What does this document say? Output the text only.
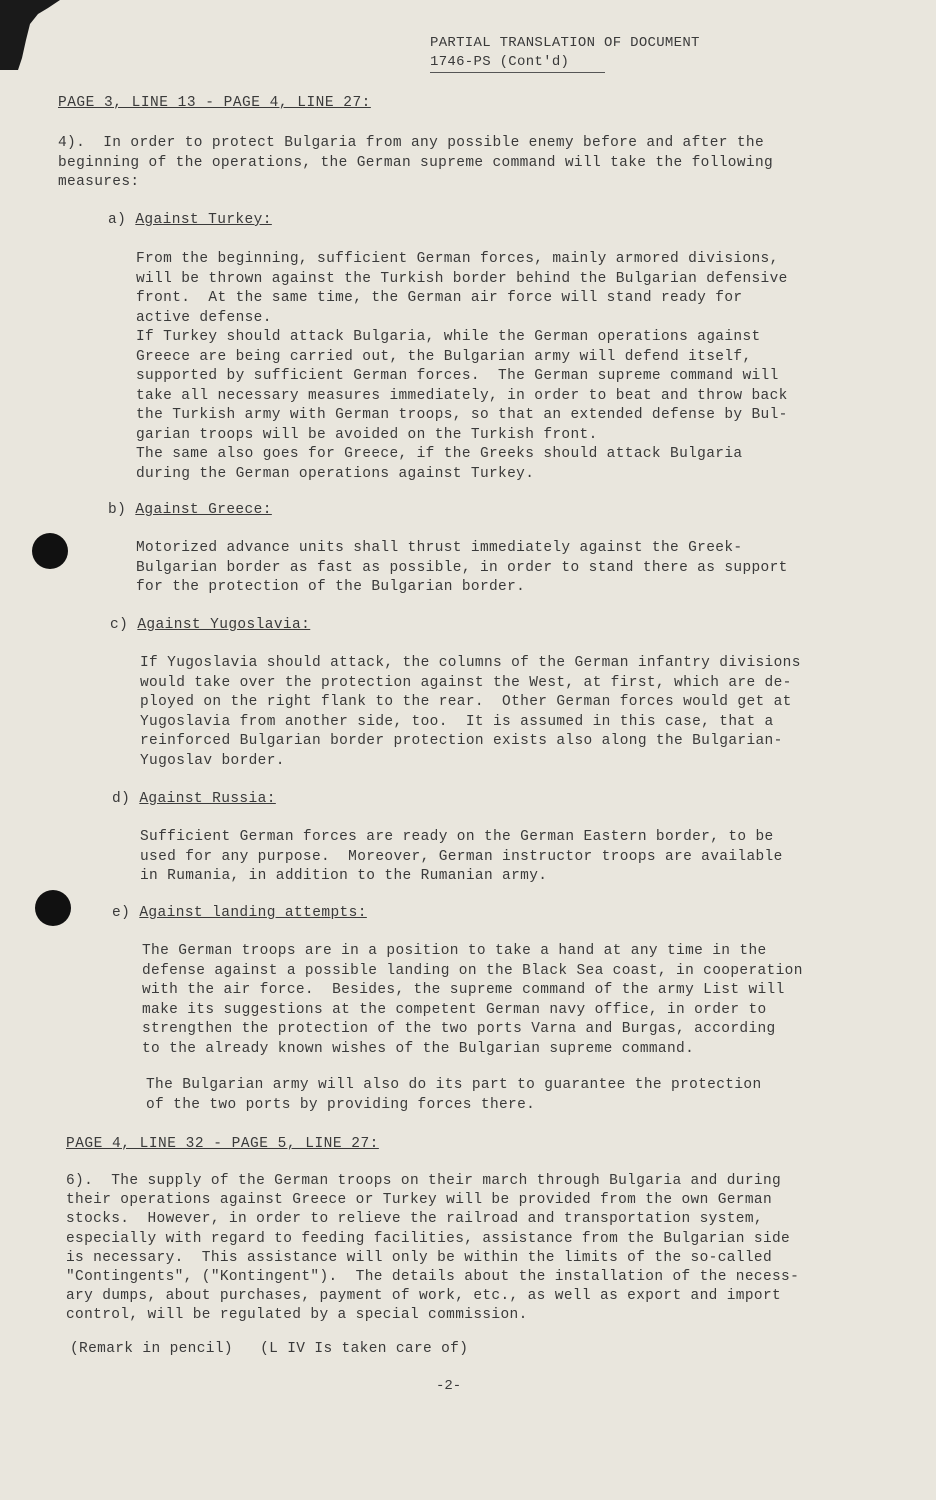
PARTIAL TRANSLATION OF DOCUMENT
1746-PS (Cont'd)
PAGE 3, LINE 13 - PAGE 4, LINE 27:
4).  In order to protect Bulgaria from any possible enemy before and after the
beginning of the operations, the German supreme command will take the following
measures:
a) Against Turkey:
From the beginning, sufficient German forces, mainly armored divisions,
will be thrown against the Turkish border behind the Bulgarian defensive
front.  At the same time, the German air force will stand ready for
active defense.
If Turkey should attack Bulgaria, while the German operations against
Greece are being carried out, the Bulgarian army will defend itself,
supported by sufficient German forces.  The German supreme command will
take all necessary measures immediately, in order to beat and throw back
the Turkish army with German troops, so that an extended defense by Bul-
garian troops will be avoided on the Turkish front.
The same also goes for Greece, if the Greeks should attack Bulgaria
during the German operations against Turkey.
b) Against Greece:
Motorized advance units shall thrust immediately against the Greek-
Bulgarian border as fast as possible, in order to stand there as support
for the protection of the Bulgarian border.
c) Against Yugoslavia:
If Yugoslavia should attack, the columns of the German infantry divisions
would take over the protection against the West, at first, which are de-
ployed on the right flank to the rear.  Other German forces would get at
Yugoslavia from another side, too.  It is assumed in this case, that a
reinforced Bulgarian border protection exists also along the Bulgarian-
Yugoslav border.
d) Against Russia:
Sufficient German forces are ready on the German Eastern border, to be
used for any purpose.  Moreover, German instructor troops are available
in Rumania, in addition to the Rumanian army.
e) Against landing attempts:
The German troops are in a position to take a hand at any time in the
defense against a possible landing on the Black Sea coast, in cooperation
with the air force.  Besides, the supreme command of the army List will
make its suggestions at the competent German navy office, in order to
strengthen the protection of the two ports Varna and Burgas, according
to the already known wishes of the Bulgarian supreme command.
The Bulgarian army will also do its part to guarantee the protection
of the two ports by providing forces there.
PAGE 4, LINE 32 - PAGE 5, LINE 27:
6).  The supply of the German troops on their march through Bulgaria and during
their operations against Greece or Turkey will be provided from the own German
stocks.  However, in order to relieve the railroad and transportation system,
especially with regard to feeding facilities, assistance from the Bulgarian side
is necessary.  This assistance will only be within the limits of the so-called
"Contingents", ("Kontingent").  The details about the installation of the necess-
ary dumps, about purchases, payment of work, etc., as well as export and import
control, will be regulated by a special commission.
(Remark in pencil)   (L IV Is taken care of)
-2-
